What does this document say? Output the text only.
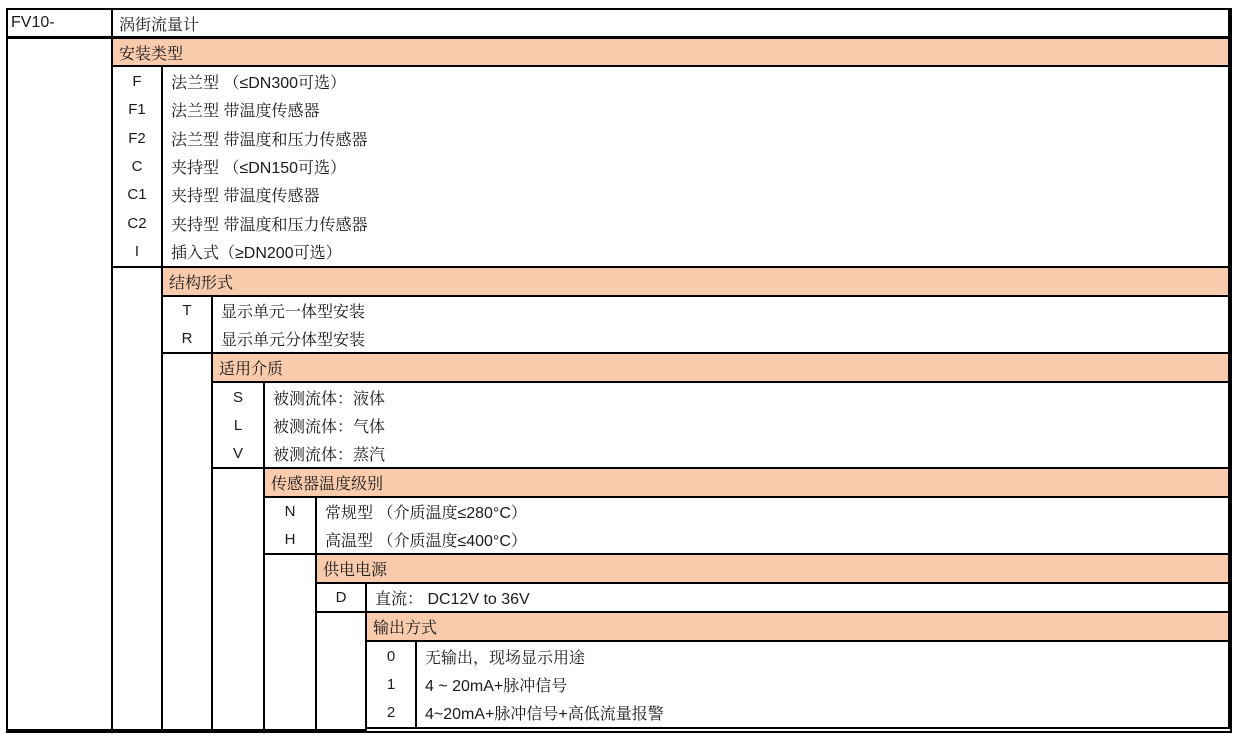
FV10-	涡街流量计
安装类型
F
F1
F2
C
C1
C2
I
法兰型 （≤DN300可选）
法兰型 带温度传感器
法兰型 带温度和压力传感器
夹持型 （≤DN150可选）
夹持型 带温度传感器
夹持型 带温度和压力传感器
插入式（≥DN200可选）
结构形式
T
R
显示单元一体型安装
显示单元分体型安装
适用介质
S
L
V
被测流体：液体
被测流体：气体
被测流体：蒸汽
传感器温度级别
N
H
常规型 （介质温度≤280°C）
高温型 （介质温度≤400°C）
供电电源
D	直流： DC12V to 36V
输出方式
0
1
2
无输出，现场显示用途
4 ~ 20mA+脉冲信号
4~20mA+脉冲信号+高低流量报警
